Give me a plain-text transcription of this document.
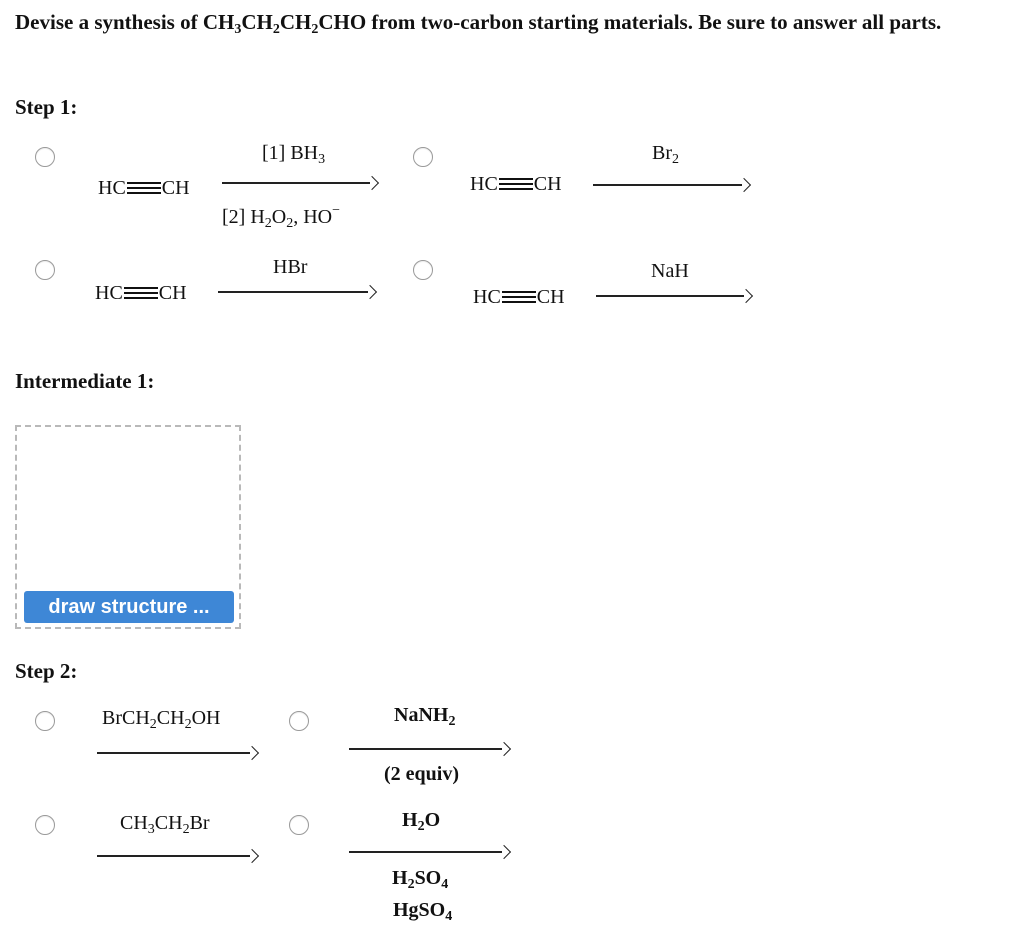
Devise a synthesis of $CH_3CH_2CH_2CHO$ from two-carbon starting materials. Be sure to answer all parts.
Step 1:
HC CH
[1] $BH_3$
[2] $H_2O_2$, HO−
HC CH
$Br_2$
HC CH
HBr
HC CH
NaH
Intermediate 1:
draw structure ...
Step 2:
$BrCH_2CH_2OH$	NaNH$_2$
(2 equiv)
$CH_3CH_2Br$	$H_2O$
$H_2SO_4$
HgSO$_4$
